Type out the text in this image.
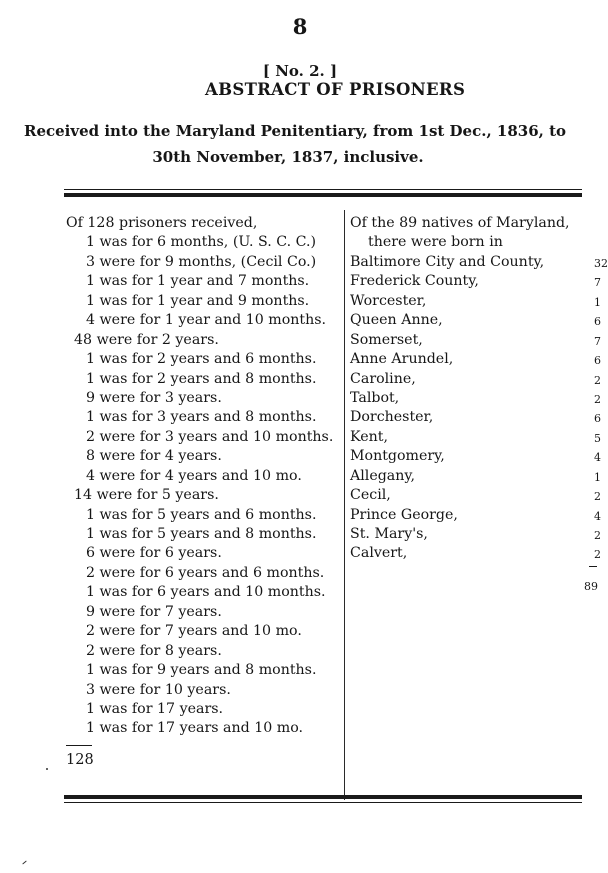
8
[ No. 2. ]
ABSTRACT OF PRISONERS
Received into the Maryland Penitentiary, from 1st Dec., 1836, to
30th November, 1837, inclusive.
Of 128 prisoners received,
1 was for 6 months, (U. S. C. C.)
3 were for 9 months, (Cecil Co.)
1 was for 1 year and 7 months.
1 was for 1 year and 9 months.
4 were for 1 year and 10 months.
48 were for 2 years.
1 was for 2 years and 6 months.
1 was for 2 years and 8 months.
9 were for 3 years.
1 was for 3 years and 8 months.
2 were for 3 years and 10 months.
8 were for 4 years.
4 were for 4 years and 10 mo.
14 were for 5 years.
1 was for 5 years and 6 months.
1 was for 5 years and 8 months.
6 were for 6 years.
2 were for 6 years and 6 months.
1 was for 6 years and 10 months.
9 were for 7 years.
2 were for 7 years and 10 mo.
2 were for 8 years.
1 was for 9 years and 8 months.
3 were for 10 years.
1 was for 17 years.
1 was for 17 years and 10 mo.
Of the 89 natives of Maryland,
there were born in
Baltimore City and County,	32
Frederick County,	7
Worcester,	1
Queen Anne,	6
Somerset,	7
Anne Arundel,	6
Caroline,	2
Talbot,	2
Dorchester,	6
Kent,	5
Montgomery,	4
Allegany,	1
Cecil,	2
Prince George,	4
St. Mary's,	2
Calvert,	2
89
128
